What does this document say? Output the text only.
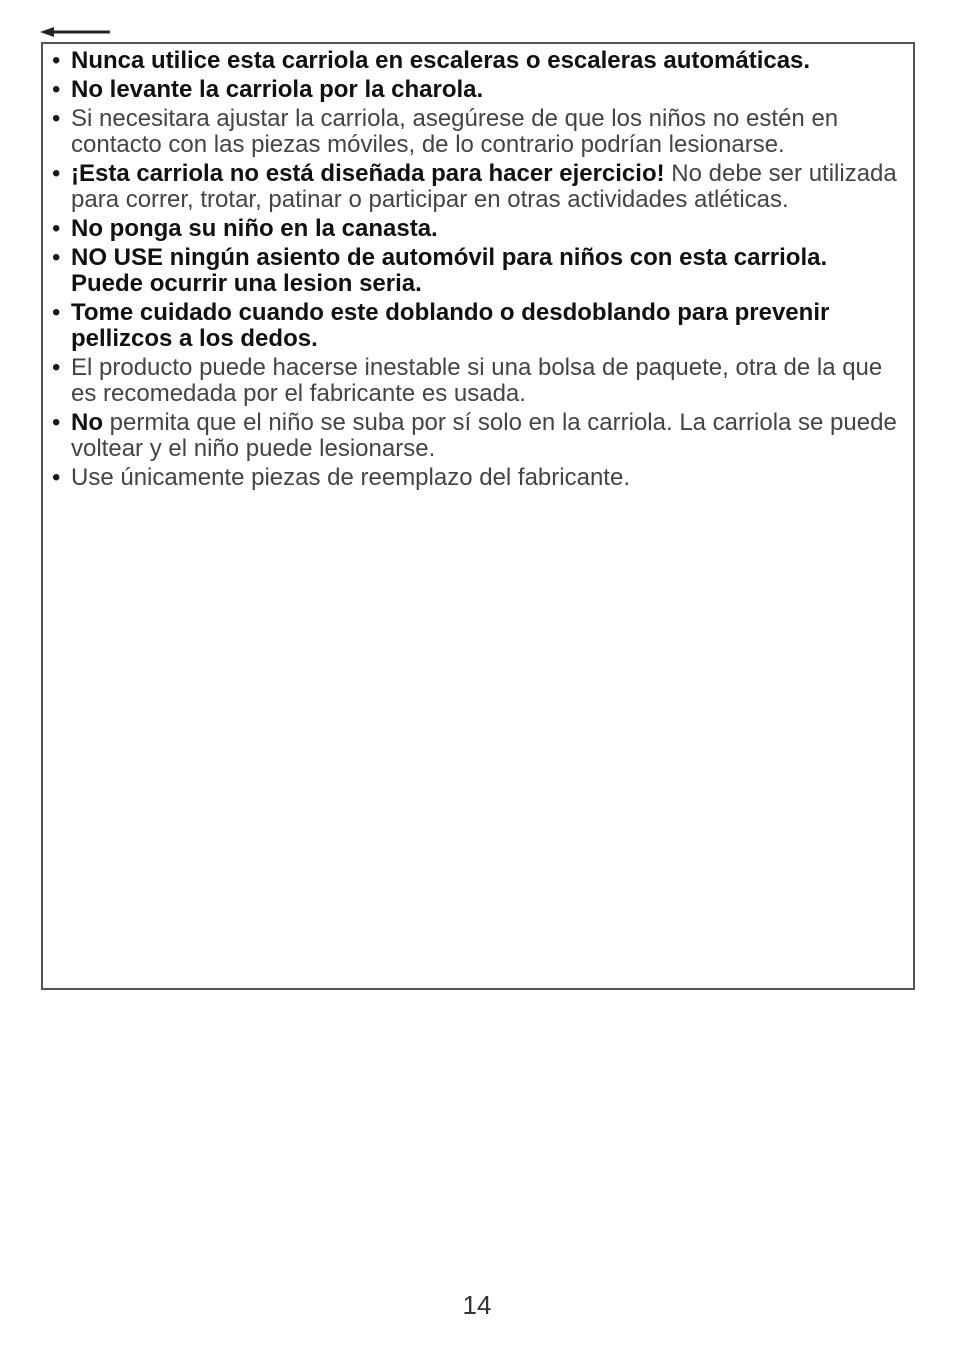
• Nunca utilice esta carriola en escaleras o escaleras automáticas.
• No levante la carriola por la charola.
• Si necesitara ajustar la carriola, asegúrese de que los niños no estén en contacto con las piezas móviles, de lo contrario podrían lesionarse.
• ¡Esta carriola no está diseñada para hacer ejercicio! No debe ser utilizada para correr, trotar, patinar o participar en otras actividades atléticas.
• No ponga su niño en la canasta.
• NO USE ningún asiento de automóvil para niños con esta carriola. Puede ocurrir una lesion seria.
• Tome cuidado cuando este doblando o desdoblando para prevenir pellizcos a los dedos.
• El producto puede hacerse inestable si una bolsa de paquete, otra de la que es recomedada por el fabricante es usada.
• No permita que el niño se suba por sí solo en la carriola. La carriola se puede voltear y el niño puede lesionarse.
• Use únicamente piezas de reemplazo del fabricante.
14
